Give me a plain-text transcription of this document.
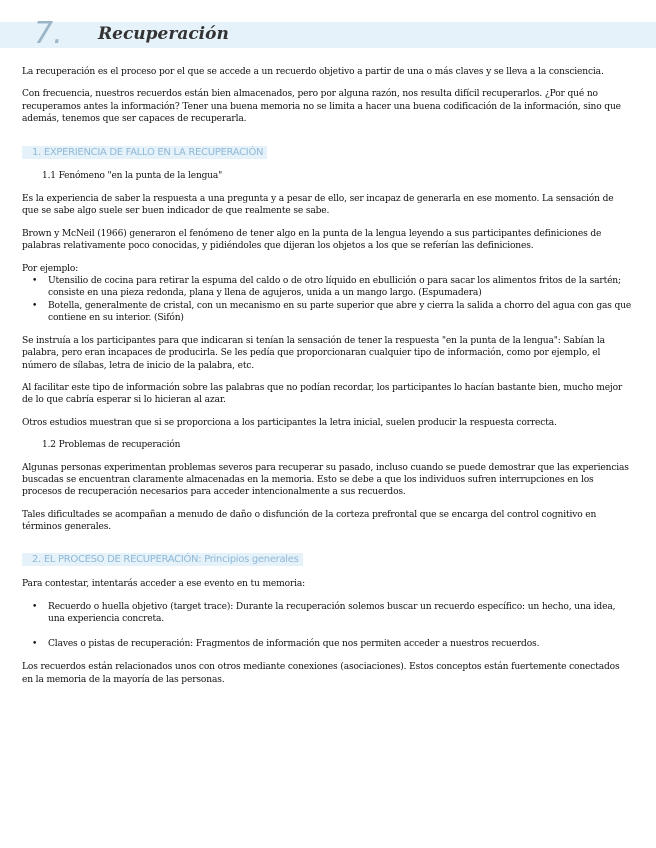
7. Recuperación

La recuperación es el proceso por el que se accede a un recuerdo objetivo a partir de una o más claves y se lleva a la consciencia.

Con frecuencia, nuestros recuerdos están bien almacenados, pero por alguna razón, nos resulta difícil recuperarlos. ¿Por qué no recuperamos antes la información? Tener una buena memoria no se limita a hacer una buena codificación de la información, sino que además, tenemos que ser capaces de recuperarla.

1. EXPERIENCIA DE FALLO EN LA RECUPERACIÓN

1.1 Fenómeno "en la punta de la lengua"

Es la experiencia de saber la respuesta a una pregunta y a pesar de ello, ser incapaz de generarla en ese momento. La sensación de que se sabe algo suele ser buen indicador de que realmente se sabe.

Brown y McNeil (1966) generaron el fenómeno de tener algo en la punta de la lengua leyendo a sus participantes definiciones de palabras relativamente poco conocidas, y pidiéndoles que dijeran los objetos a los que se referían las definiciones.

Por ejemplo:

• Utensilio de cocina para retirar la espuma del caldo o de otro líquido en ebullición o para sacar los alimentos fritos de la sartén; consiste en una pieza redonda, plana y llena de agujeros, unida a un mango largo. (Espumadera)
• Botella, generalmente de cristal, con un mecanismo en su parte superior que abre y cierra la salida a chorro del agua con gas que contiene en su interior. (Sifón)

Se instruía a los participantes para que indicaran si tenían la sensación de tener la respuesta "en la punta de la lengua": Sabían la palabra, pero eran incapaces de producirla. Se les pedía que proporcionaran cualquier tipo de información, como por ejemplo, el número de sílabas, letra de inicio de la palabra, etc.

Al facilitar este tipo de información sobre las palabras que no podían recordar, los participantes lo hacían bastante bien, mucho mejor de lo que cabría esperar si lo hicieran al azar.

Otros estudios muestran que si se proporciona a los participantes la letra inicial, suelen producir la respuesta correcta.

1.2 Problemas de recuperación

Algunas personas experimentan problemas severos para recuperar su pasado, incluso cuando se puede demostrar que las experiencias buscadas se encuentran claramente almacenadas en la memoria. Esto se debe a que los individuos sufren interrupciones en los procesos de recuperación necesarios para acceder intencionalmente a sus recuerdos.

Tales dificultades se acompañan a menudo de daño o disfunción de la corteza prefrontal que se encarga del control cognitivo en términos generales.

2. EL PROCESO DE RECUPERACIÓN: Principios generales

Para contestar, intentarás acceder a ese evento en tu memoria:

• Recuerdo o huella objetivo (target trace): Durante la recuperación solemos buscar un recuerdo específico: un hecho, una idea, una experiencia concreta.
• Claves o pistas de recuperación: Fragmentos de información que nos permiten acceder a nuestros recuerdos.

Los recuerdos están relacionados unos con otros mediante conexiones (asociaciones). Estos conceptos están fuertemente conectados en la memoria de la mayoría de las personas.
